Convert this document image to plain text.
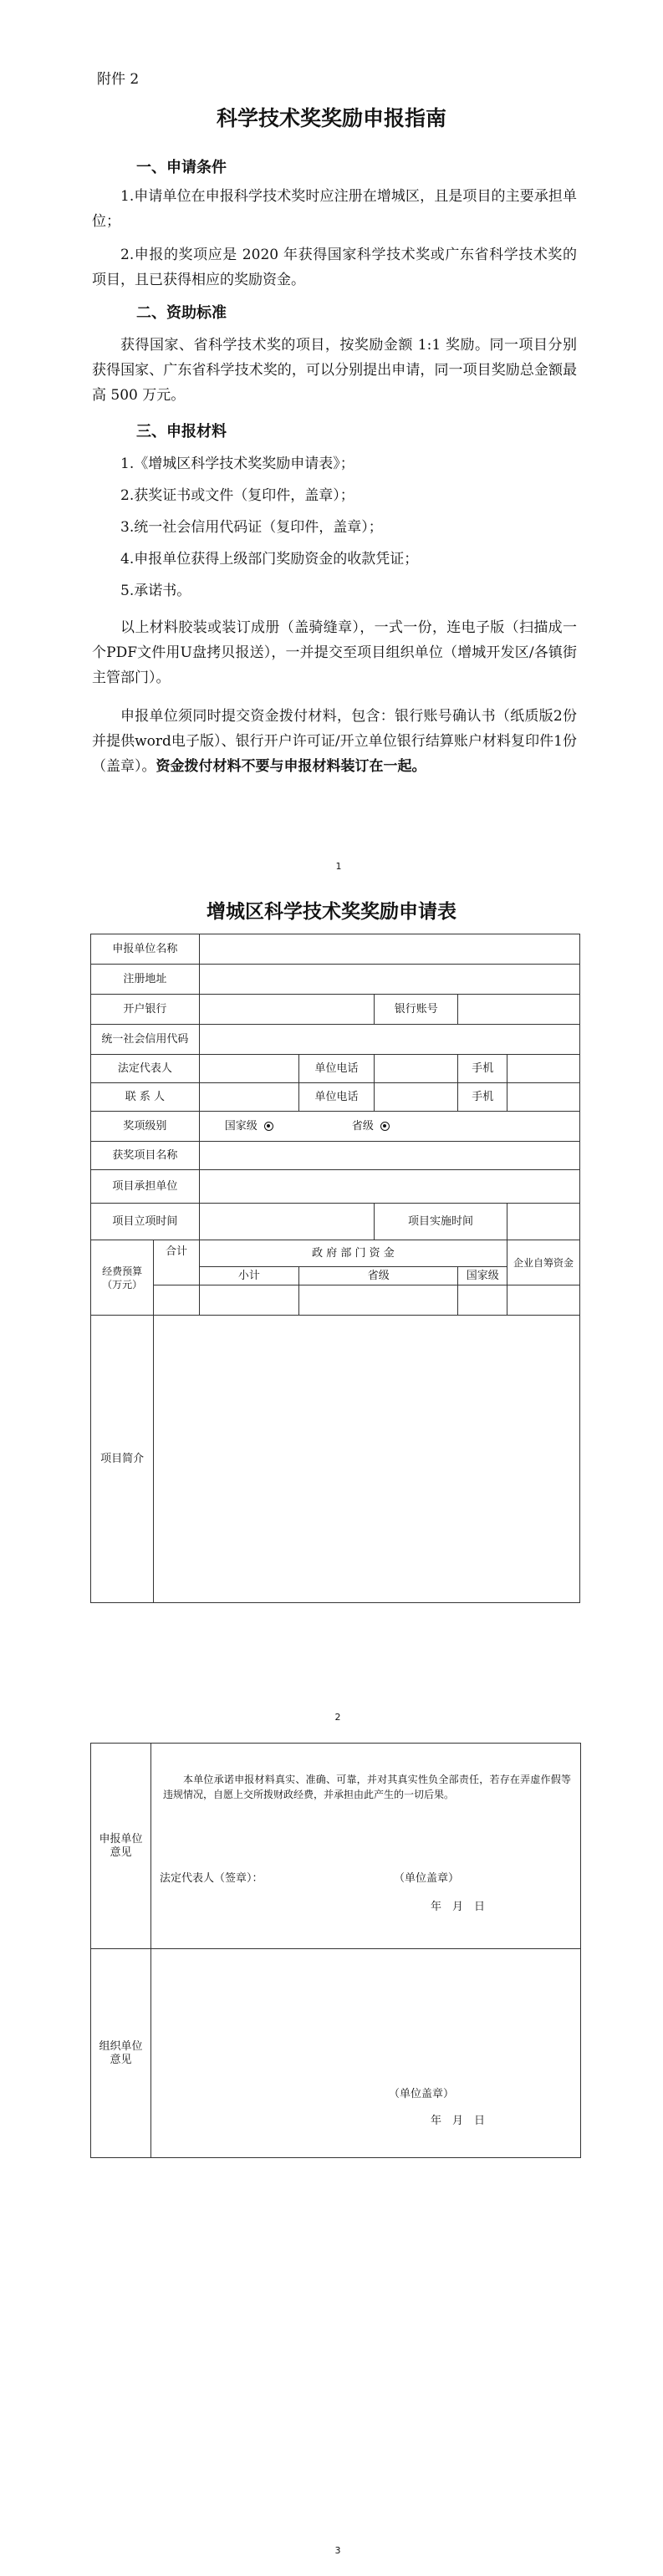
附件 2
科学技术奖奖励申报指南
一、申请条件
1.申请单位在申报科学技术奖时应注册在增城区，且是项目的主要承担单位；
2.申报的奖项应是 2020 年获得国家科学技术奖或广东省科学技术奖的项目，且已获得相应的奖励资金。
二、资助标准
获得国家、省科学技术奖的项目，按奖励金额 1:1 奖励。同一项目分别获得国家、广东省科学技术奖的，可以分别提出申请，同一项目奖励总金额最高 500 万元。
三、申报材料
1.《增城区科学技术奖奖励申请表》；
2.获奖证书或文件（复印件，盖章）；
3.统一社会信用代码证（复印件，盖章）；
4.申报单位获得上级部门奖励资金的收款凭证；
5.承诺书。
以上材料胶装或装订成册（盖骑缝章），一式一份，连电子版（扫描成一个PDF文件用U盘拷贝报送），一并提交至项目组织单位（增城开发区/各镇街主管部门）。
申报单位须同时提交资金拨付材料，包含：银行账号确认书（纸质版2份并提供word电子版）、银行开户许可证/开立单位银行结算账户材料复印件1份（盖章）。资金拨付材料不要与申报材料装订在一起。
1
增城区科学技术奖奖励申请表
申报单位名称						
注册地址						
开户银行				银行账号		
统一社会信用代码						
法定代表人			单位电话		手机	
联 系 人			单位电话		手机	
奖项级别		国家级 省级				
获奖项目名称						
项目承担单位						
项目立项时间				项目实施时间		
经费预算（万元）	合计	政 府 部 门 资 金				企业自筹资金
		小计	省级		国家级	

项目简介						
2
申报单位意见	本单位承诺申报材料真实、准确、可靠，并对其真实性负全部责任，若存在弄虚作假等违规情况，自愿上交所拨财政经费，并承担由此产生的一切后果。
法定代表人（签章）： （单位盖章）
年　月　日

组织单位意见	（单位盖章）
年　月　日
3
